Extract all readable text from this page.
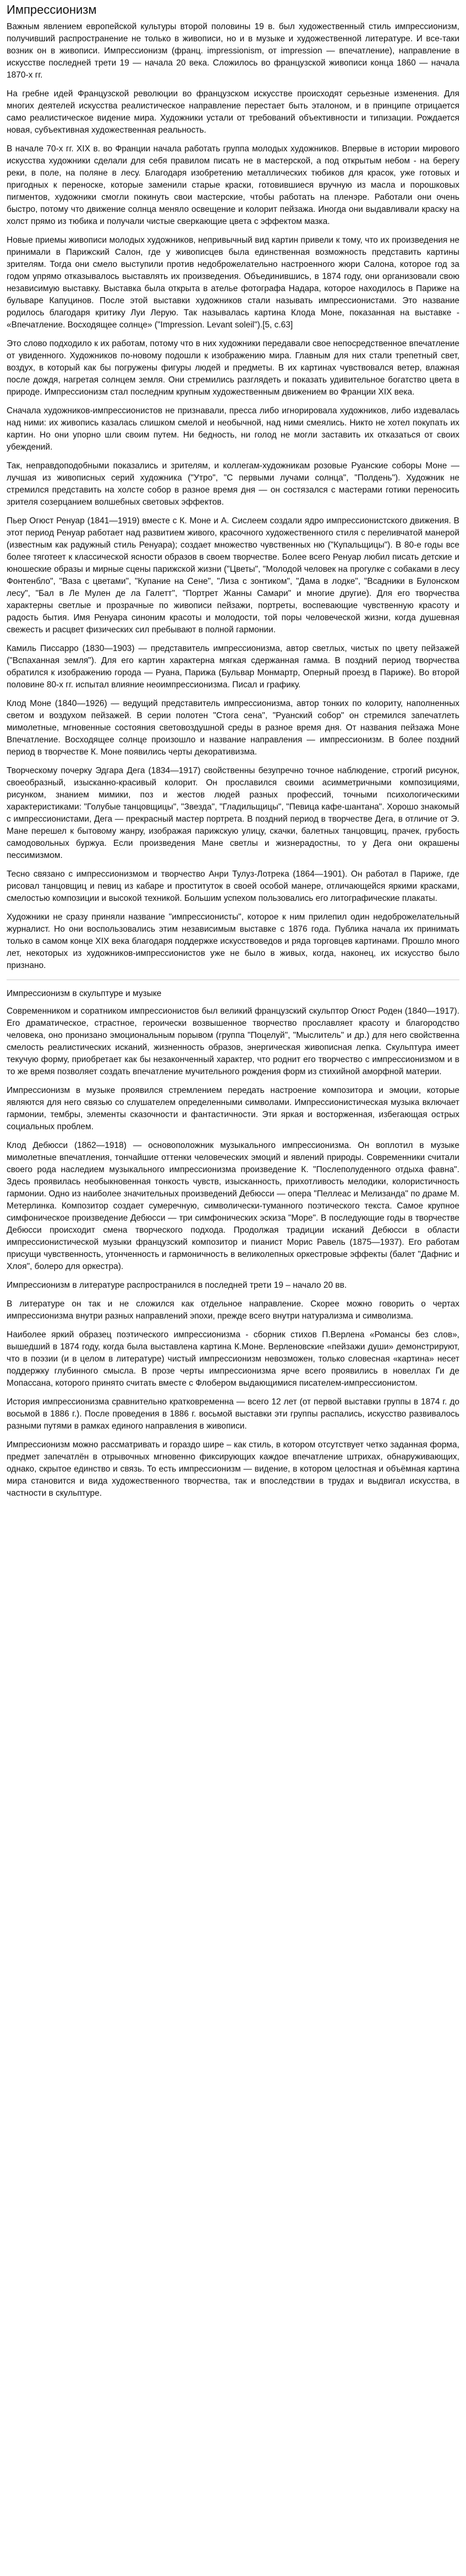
Импрессионизм

Важным явлением европейской культуры второй половины 19 в. был художественный стиль импрессионизм, получивший распространение не только в живописи, но и в музыке и художественной литературе. И все-таки возник он в живописи. Импрессионизм (франц. impressionism, от impression — впечатление), направление в искусстве последней трети 19 — начала 20 века. Сложилось во французской живописи конца 1860 — начала 1870-х гг.

На гребне идей Французской революции во французском искусстве происходят серьезные изменения. Для многих деятелей искусства реалистическое направление перестает быть эталоном, и в принципе отрицается само реалистическое видение мира. Художники устали от требований объективности и типизации. Рождается новая, субъективная художественная реальность.

В начале 70-х гг. XIX в. во Франции начала работать группа молодых художников. Впервые в истории мирового искусства художники сделали для себя правилом писать не в мастерской, а под открытым небом - на берегу реки, в поле, на поляне в лесу. Благодаря изобретению металлических тюбиков для красок, уже готовых и пригодных к переноске, которые заменили старые краски, готовившиеся вручную из масла и порошковых пигментов, художники смогли покинуть свои мастерские, чтобы работать на пленэре. Работали они очень быстро, потому что движение солнца меняло освещение и колорит пейзажа. Иногда они выдавливали краску на холст прямо из тюбика и получали чистые сверкающие цвета с эффектом мазка.

Новые приемы живописи молодых художников, непривычный вид картин привели к тому, что их произведения не принимали в Парижский Салон, где у живописцев была единственная возможность представить картины зрителям. Тогда они смело выступили против недоброжелательно настроенного жюри Салона, которое год за годом упрямо отказывалось выставлять их произведения. Объединившись, в 1874 году, они организовали свою независимую выставку. Выставка была открыта в ателье фотографа Надара, которое находилось в Париже на бульваре Капуцинов. После этой выставки художников стали называть импрессионистами. Это название родилось благодаря критику Луи Лерую. Так называлась картина Клода Моне, показанная на выставке - «Впечатление. Восходящее солнце» ("Impression. Levant soleil").[5, с.63]

Это слово подходило к их работам, потому что в них художники передавали свое непосредственное впечатление от увиденного. Художников по-новому подошли к изображению мира. Главным для них стали трепетный свет, воздух, в который как бы погружены фигуры людей и предметы. В их картинах чувствовался ветер, влажная после дождя, нагретая солнцем земля. Они стремились разглядеть и показать удивительное богатство цвета в природе. Импрессионизм стал последним крупным художественным движением во Франции XIX века.

Сначала художников-импрессионистов не признавали, пресса либо игнорировала художников, либо издевалась над ними: их живопись казалась слишком смелой и необычной, над ними смеялись. Никто не хотел покупать их картин. Но они упорно шли своим путем. Ни бедность, ни голод не могли заставить их отказаться от своих убеждений.

Так, неправдоподобными показались и зрителям, и коллегам-художникам розовые Руанские соборы Моне — лучшая из живописных серий художника ("Утро", "С первыми лучами солнца", "Полдень"). Художник не стремился представить на холсте собор в разное время дня — он состязался с мастерами готики переносить зрителя созерцанием волшебных световых эффектов.

Пьер Огюст Ренуар (1841—1919) вместе с К. Моне и А. Сислеем создали ядро импрессионистского движения. В этот период Ренуар работает над развитием живого, красочного художественного стиля с переливчатой манерой (известным как радужный стиль Ренуара); создает множество чувственных ню ("Купальщицы"). В 80-е годы все более тяготеет к классической ясности образов в своем творчестве. Более всего Ренуар любил писать детские и юношеские образы и мирные сцены парижской жизни ("Цветы", "Молодой человек на прогулке с собаками в лесу Фонтенбло", "Ваза с цветами", "Купание на Сене", "Лиза с зонтиком", "Дама в лодке", "Всадники в Булонском лесу", "Бал в Ле Мулен де ла Галетт", "Портрет Жанны Самари" и многие другие). Для его творчества характерны светлые и прозрачные по живописи пейзажи, портреты, воспевающие чувственную красоту и радость бытия. Имя Ренуара синоним красоты и молодости, той поры человеческой жизни, когда душевная свежесть и расцвет физических сил пребывают в полной гармонии.

Камиль Писсарро (1830—1903) — представитель импрессионизма, автор светлых, чистых по цвету пейзажей ("Вспаханная земля"). Для его картин характерна мягкая сдержанная гамма. В поздний период творчества обратился к изображению города — Руана, Парижа (Бульвар Монмартр, Оперный проезд в Париже). Во второй половине 80-х гг. испытал влияние неоимпрессионизма. Писал и графику.

Клод Моне (1840—1926) — ведущий представитель импрессионизма, автор тонких по колориту, наполненных светом и воздухом пейзажей. В серии полотен "Стога сена", "Руанский собор" он стремился запечатлеть мимолетные, мгновенные состояния световоздушной среды в разное время дня. От названия пейзажа Моне Впечатление. Восходящее солнце произошло и название направления — импрессионизм. В более поздний период в творчестве К. Моне появились черты декоративизма.

Творческому почерку Эдгара Дега (1834—1917) свойственны безупречно точное наблюдение, строгий рисунок, своеобразный, изысканно-красивый колорит. Он прославился своими асимметричными композициями, рисунком, знанием мимики, поз и жестов людей разных профессий, точными психологическими характеристиками: "Голубые танцовщицы", "Звезда", "Гладильщицы", "Певица кафе-шантана". Хорошо знакомый с импрессионистами, Дега — прекрасный мастер портрета. В поздний период в творчестве Дега, в отличие от Э. Мане перешел к бытовому жанру, изображая парижскую улицу, скачки, балетных танцовщиц, прачек, грубость самодовольных буржуа. Если произведения Мане светлы и жизнерадостны, то у Дега они окрашены пессимизмом.

Тесно связано с импрессионизмом и творчество Анри Тулуз-Лотрека (1864—1901). Он работал в Париже, где рисовал танцовщиц и певиц из кабаре и проституток в своей особой манере, отличающейся яркими красками, смелостью композиции и высокой техникой. Большим успехом пользовались его литографические плакаты.

Художники не сразу приняли название "импрессионисты", которое к ним прилепил один недоброжелательный журналист. Но они воспользовались этим независимым выставке с 1876 года. Публика начала их принимать только в самом конце XIX века благодаря поддержке искусствоведов и ряда торговцев картинами. Прошло много лет, некоторых из художников-импрессионистов уже не было в живых, когда, наконец, их искусство было признано.

Импрессионизм в скульптуре и музыке

Современником и соратником импрессионистов был великий французский скульптор Огюст Роден (1840—1917). Его драматическое, страстное, героически возвышенное творчество прославляет красоту и благородство человека, оно пронизано эмоциональным порывом (группа "Поцелуй", "Мыслитель" и др.) для него свойственна смелость реалистических исканий, жизненность образов, энергическая живописная лепка. Скульптура имеет текучую форму, приобретает как бы незаконченный характер, что роднит его творчество с импрессионизмом и в то же время позволяет создать впечатление мучительного рождения форм из стихийной аморфной материи.

Импрессионизм в музыке проявился стремлением передать настроение композитора и эмоции, которые являются для него связью со слушателем определенными символами. Импрессионистическая музыка включает гармонии, тембры, элементы сказочности и фантастичности. Эти яркая и восторженная, избегающая острых социальных проблем.

Клод Дебюсси (1862—1918) — основоположник музыкального импрессионизма. Он воплотил в музыке мимолетные впечатления, тончайшие оттенки человеческих эмоций и явлений природы. Современники считали своего рода наследием музыкального импрессионизма произведение К. "Послеполуденного отдыха фавна". Здесь проявилась необыкновенная тонкость чувств, изысканность, прихотливость мелодики, колористичность гармонии. Одно из наиболее значительных произведений Дебюсси — опера "Пеллеас и Мелизанда" по драме М. Метерлинка. Композитор создает сумеречную, символически-туманного поэтического текста. Самое крупное симфоническое произведение Дебюсси — три симфонических эскиза "Море". В последующие годы в творчестве Дебюсси происходит смена творческого подхода. Продолжая традиции исканий Дебюсси в области импрессионистической музыки французский композитор и пианист Морис Равель (1875—1937). Его работам присущи чувственность, утонченность и гармоничность в великолепных оркестровые эффекты (балет "Дафнис и Хлоя", болеро для оркестра).

Импрессионизм в литературе распространился в последней трети 19 – начало 20 вв.

В литературе он так и не сложился как отдельное направление. Скорее можно говорить о чертах импрессионизма внутри разных направлений эпохи, прежде всего внутри натурализма и символизма.

Наиболее яркий образец поэтического импрессионизма - сборник стихов П.Верлена «Романсы без слов», вышедший в 1874 году, когда была выставлена картина К.Моне. Верленовские «пейзажи души» демонстрируют, что в поэзии (и в целом в литературе) чистый импрессионизм невозможен, только словесная «картина» несет поддержку глубинного смысла. В прозе черты импрессионизма ярче всего проявились в новеллах Ги де Мопассана, которого принято считать вместе с Флобером выдающимися писателем-импрессионистом.

История импрессионизма сравнительно кратковременна — всего 12 лет (от первой выставки группы в 1874 г. до восьмой в 1886 г.). После проведения в 1886 г. восьмой выставки эти группы распались, искусство развивалось разными путями в рамках единого направления в живописи.

Импрессионизм можно рассматривать и гораздо шире – как стиль, в котором отсутствует четко заданная форма, предмет запечатлён в отрывочных мгновенно фиксирующих каждое впечатление штрихах, обнаруживающих, однако, скрытое единство и связь. То есть импрессионизм — видение, в котором целостная и объёмная картина мира становится и вида художественного творчества, так и впоследствии в трудах и выдвигал искусства, в частности в скульптуре.
